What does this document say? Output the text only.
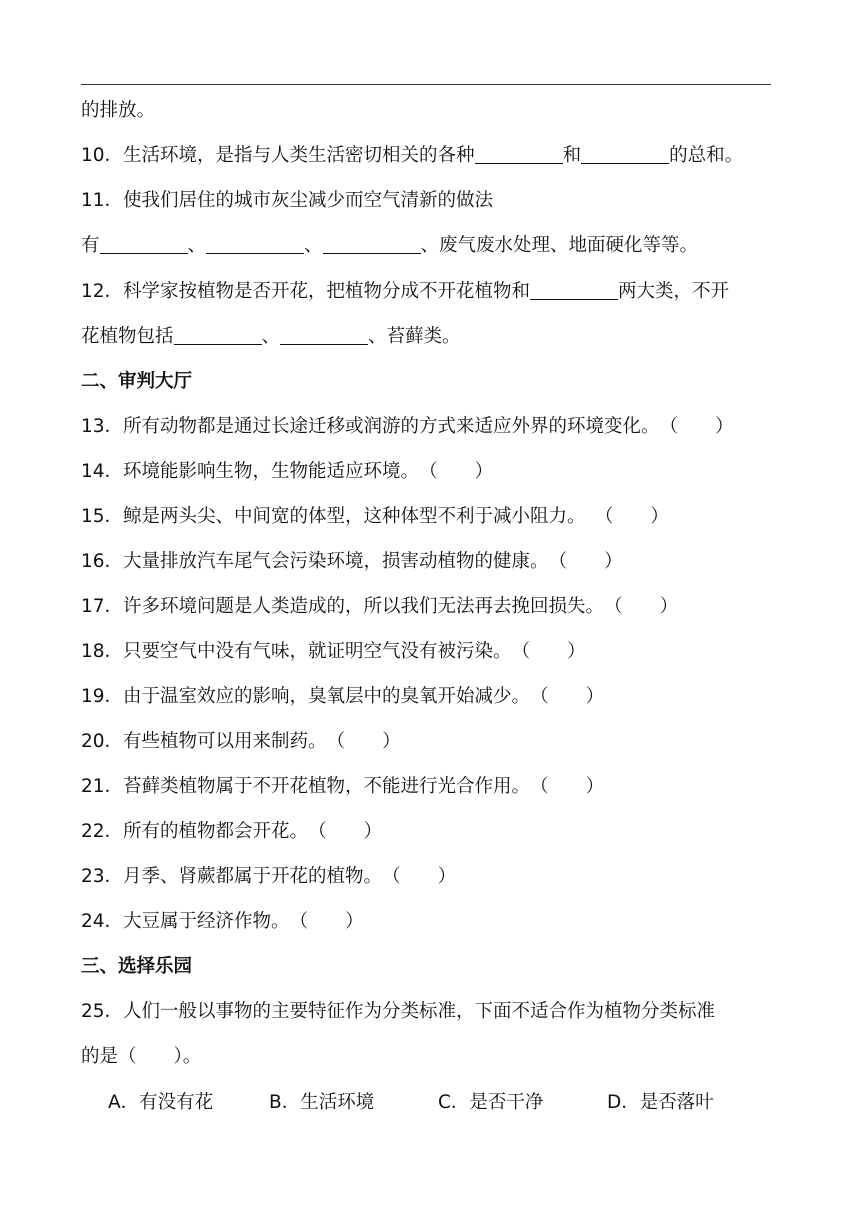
的排放。
10．生活环境，是指与人类生活密切相关的各种	和	的总和。
11．使我们居住的城市灰尘减少而空气清新的做法
有	、	、	、废气废水处理、地面硬化等等。
12．科学家按植物是否开花，把植物分成不开花植物和	两大类，不开
花植物包括	、	、苔藓类。
二、审判大厅
13．所有动物都是通过长途迁移或润游的方式来适应外界的环境变化。（　　）
14．环境能影响生物，生物能适应环境。（　　）
15．鲸是两头尖、中间宽的体型，这种体型不利于减小阻力。　（　　）
16．大量排放汽车尾气会污染环境，损害动植物的健康。（　　）
17．许多环境问题是人类造成的，所以我们无法再去挽回损失。（　　）
18．只要空气中没有气味，就证明空气没有被污染。（　　）
19．由于温室效应的影响，臭氧层中的臭氧开始减少。（　　）
20．有些植物可以用来制药。（　　）
21．苔藓类植物属于不开花植物，不能进行光合作用。（　　）
22．所有的植物都会开花。（　　）
23．月季、肾蕨都属于开花的植物。（　　）
24．大豆属于经济作物。（　　）
三、选择乐园
25．人们一般以事物的主要特征作为分类标准，下面不适合作为植物分类标准
的是（　　）。
A．有没有花	B．生活环境	C．是否干净	D．是否落叶
